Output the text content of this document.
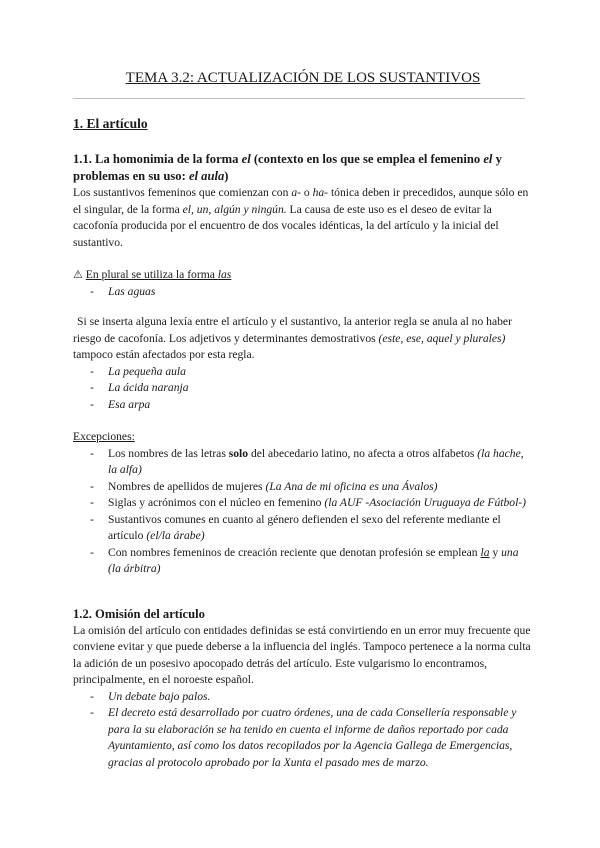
TEMA 3.2: ACTUALIZACIÓN DE LOS SUSTANTIVOS
1. El artículo
1.1. La homonimia de la forma el (contexto en los que se emplea el femenino el y problemas en su uso: el aula)

Los sustantivos femeninos que comienzan con a- o ha- tónica deben ir precedidos, aunque sólo en el singular, de la forma el, un, algún y ningún. La causa de este uso es el deseo de evitar la cacofonía producida por el encuentro de dos vocales idénticas, la del artículo y la inicial del sustantivo.

⚠ En plural se utiliza la forma las

- Las aguas

Si se inserta alguna lexía entre el artículo y el sustantivo, la anterior regla se anula al no haber riesgo de cacofonía. Los adjetivos y determinantes demostrativos (este, ese, aquel y plurales) tampoco están afectados por esta regla.

- La pequeña aula
- La ácida naranja
- Esa arpa

Excepciones:

- Los nombres de las letras solo del abecedario latino, no afecta a otros alfabetos (la hache, la alfa)
- Nombres de apellidos de mujeres (La Ana de mi oficina es una Ávalos)
- Siglas y acrónimos con el núcleo en femenino (la AUF -Asociación Uruguaya de Fútbol-)
- Sustantivos comunes en cuanto al género defienden el sexo del referente mediante el artículo (el/la árabe)
- Con nombres femeninos de creación reciente que denotan profesión se emplean la y una (la árbitra)
1.2. Omisión del artículo

La omisión del artículo con entidades definidas se está convirtiendo en un error muy frecuente que conviene evitar y que puede deberse a la influencia del inglés. Tampoco pertenece a la norma culta la adición de un posesivo apocopado detrás del artículo. Este vulgarismo lo encontramos, principalmente, en el noroeste español.

- Un debate bajo palos.
- El decreto está desarrollado por cuatro órdenes, una de cada Consellería responsable y para la su elaboración se ha tenido en cuenta el informe de daños reportado por cada Ayuntamiento, así como los datos recopilados por la Agencia Gallega de Emergencias, gracias al protocolo aprobado por la Xunta el pasado mes de marzo.
